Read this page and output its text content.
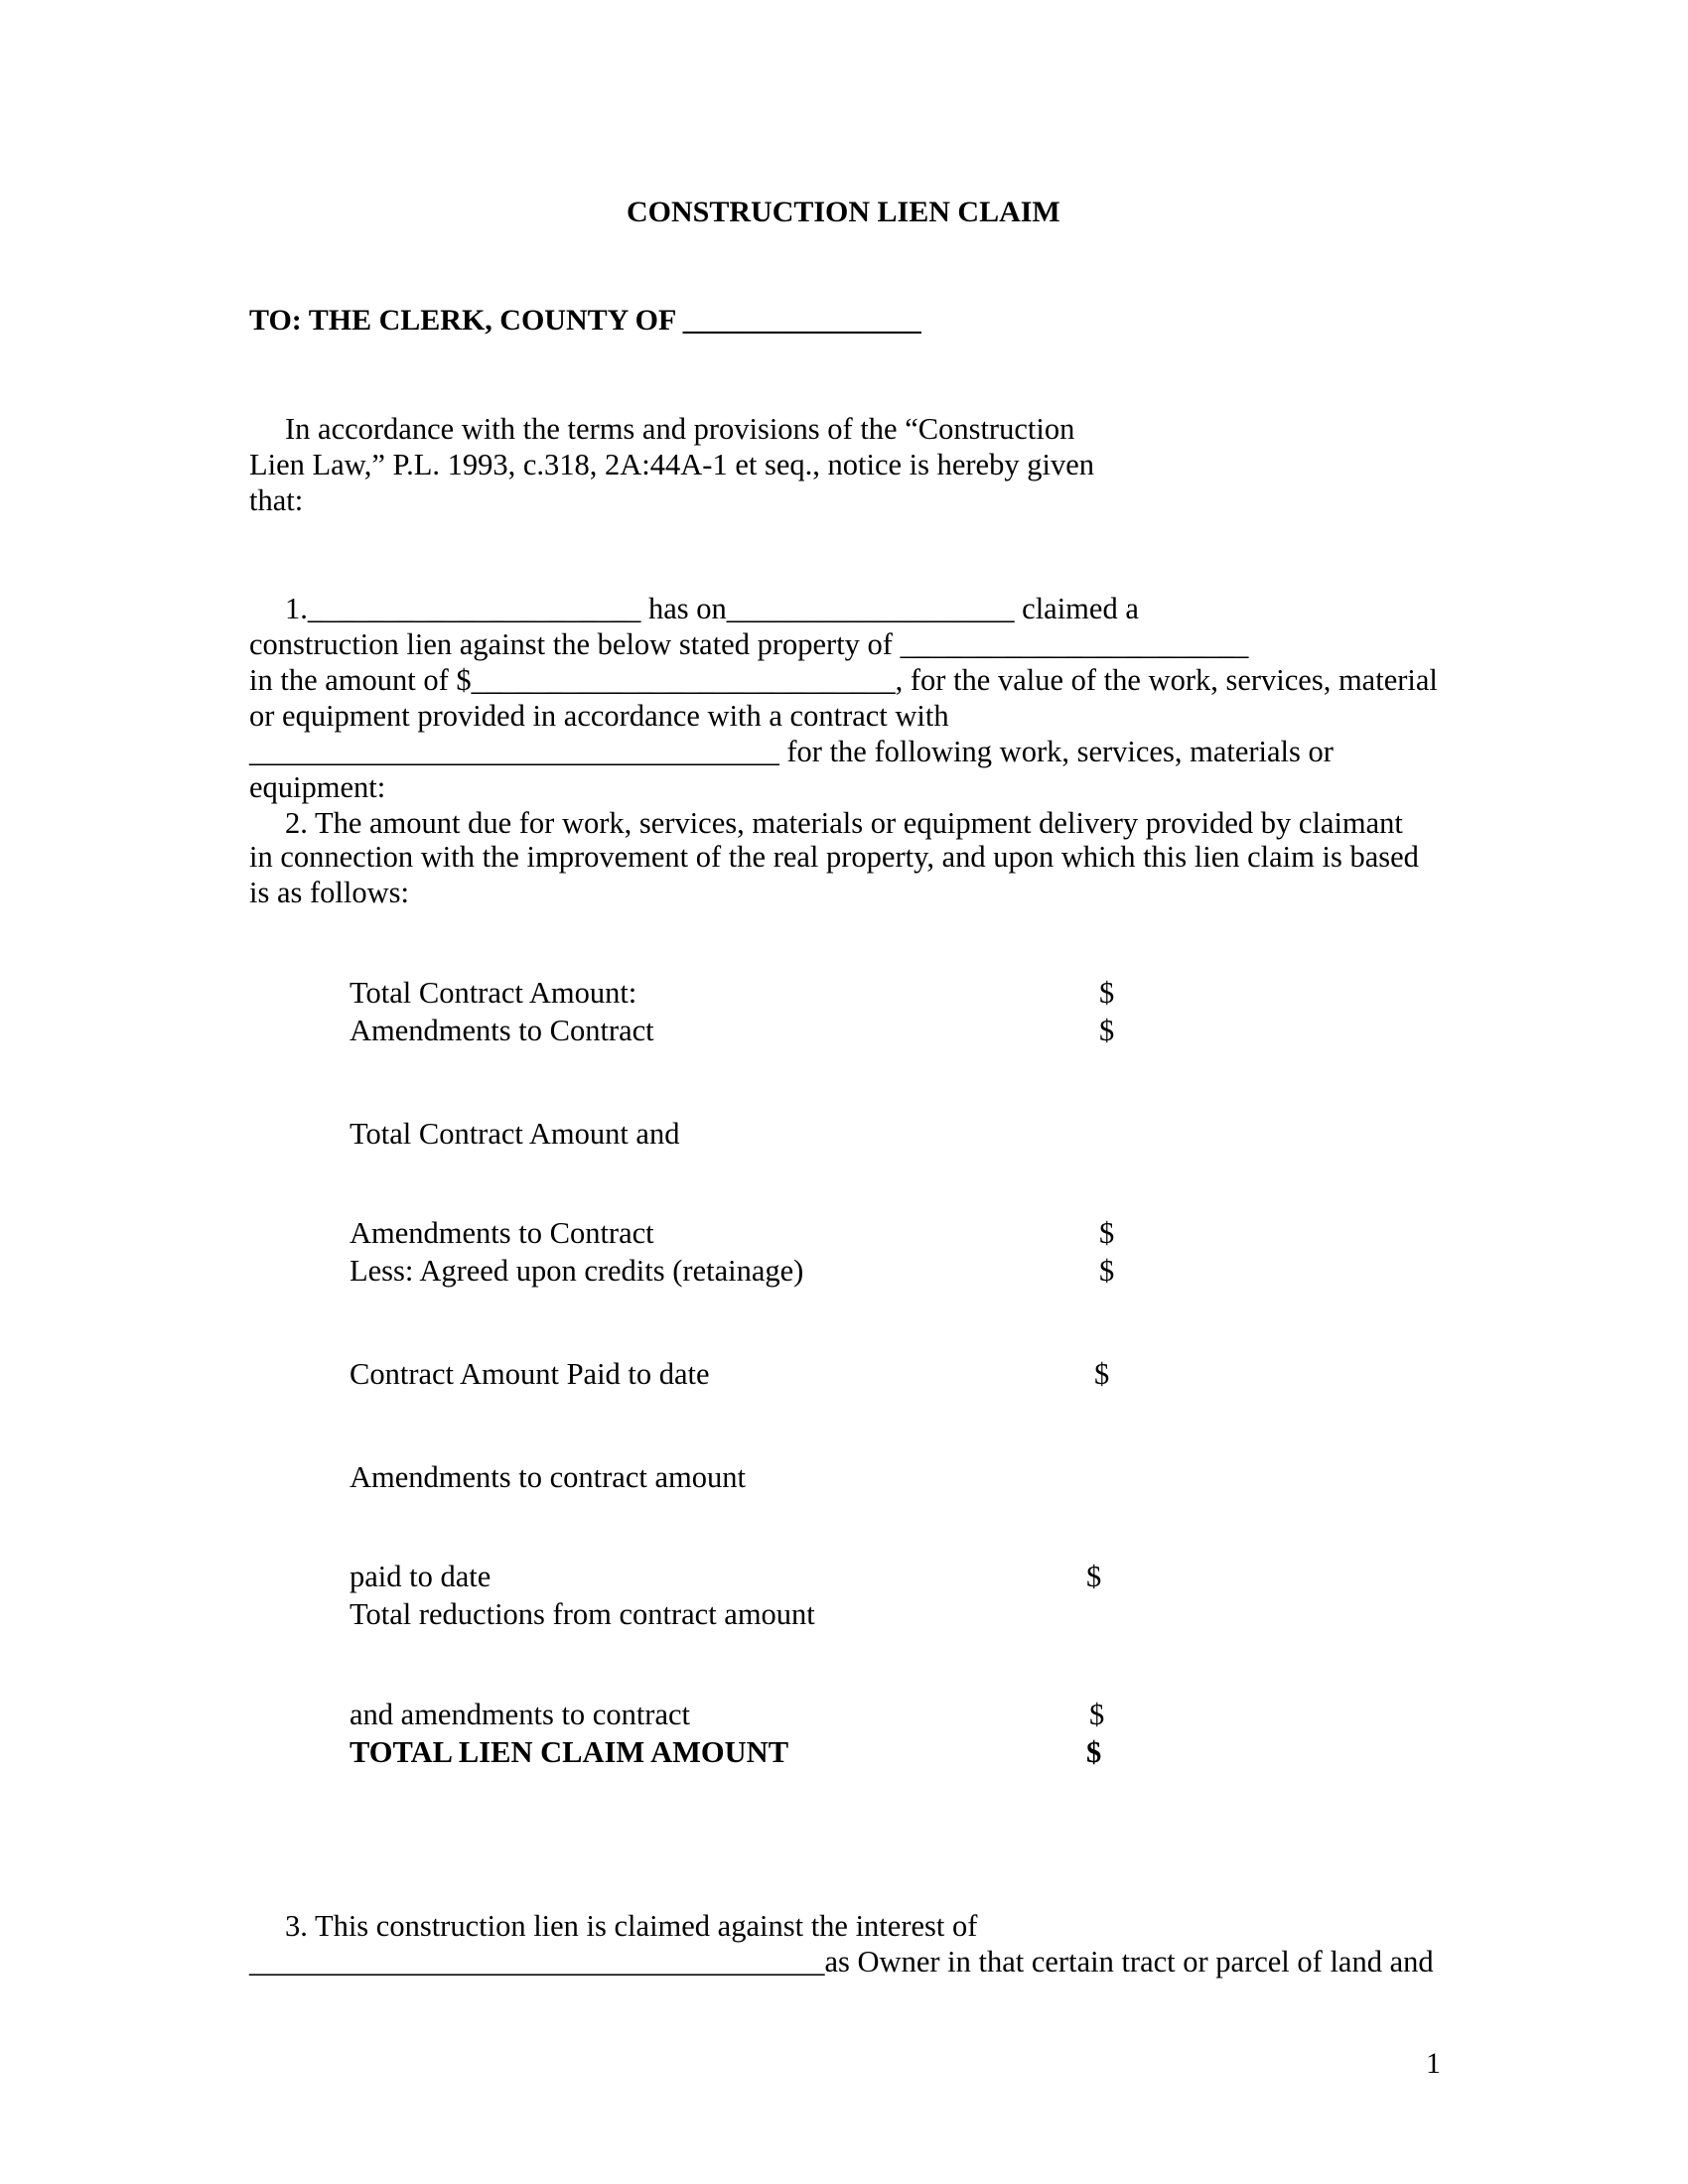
CONSTRUCTION LIEN CLAIM
TO: THE CLERK, COUNTY OF ________________
In accordance with the terms and provisions of the “Construction
Lien Law,” P.L. 1993, c.318, 2A:44A-1 et seq., notice is hereby given
that:
1.______________________ has on___________________ claimed a
construction lien against the below stated property of _______________________
in the amount of $____________________________, for the value of the work, services, material
or equipment provided in accordance with a contract with
___________________________________ for the following work, services, materials or
equipment:
2. The amount due for work, services, materials or equipment delivery provided by claimant
in connection with the improvement of the real property, and upon which this lien claim is based
is as follows:
Total Contract Amount:	$
Amendments to Contract	$
Total Contract Amount and
Amendments to Contract	$
Less: Agreed upon credits (retainage)	$
Contract Amount Paid to date	$
Amendments to contract amount
paid to date	$
Total reductions from contract amount
and amendments to contract	$
TOTAL LIEN CLAIM AMOUNT	$
3. This construction lien is claimed against the interest of
______________________________________as Owner in that certain tract or parcel of land and
1
